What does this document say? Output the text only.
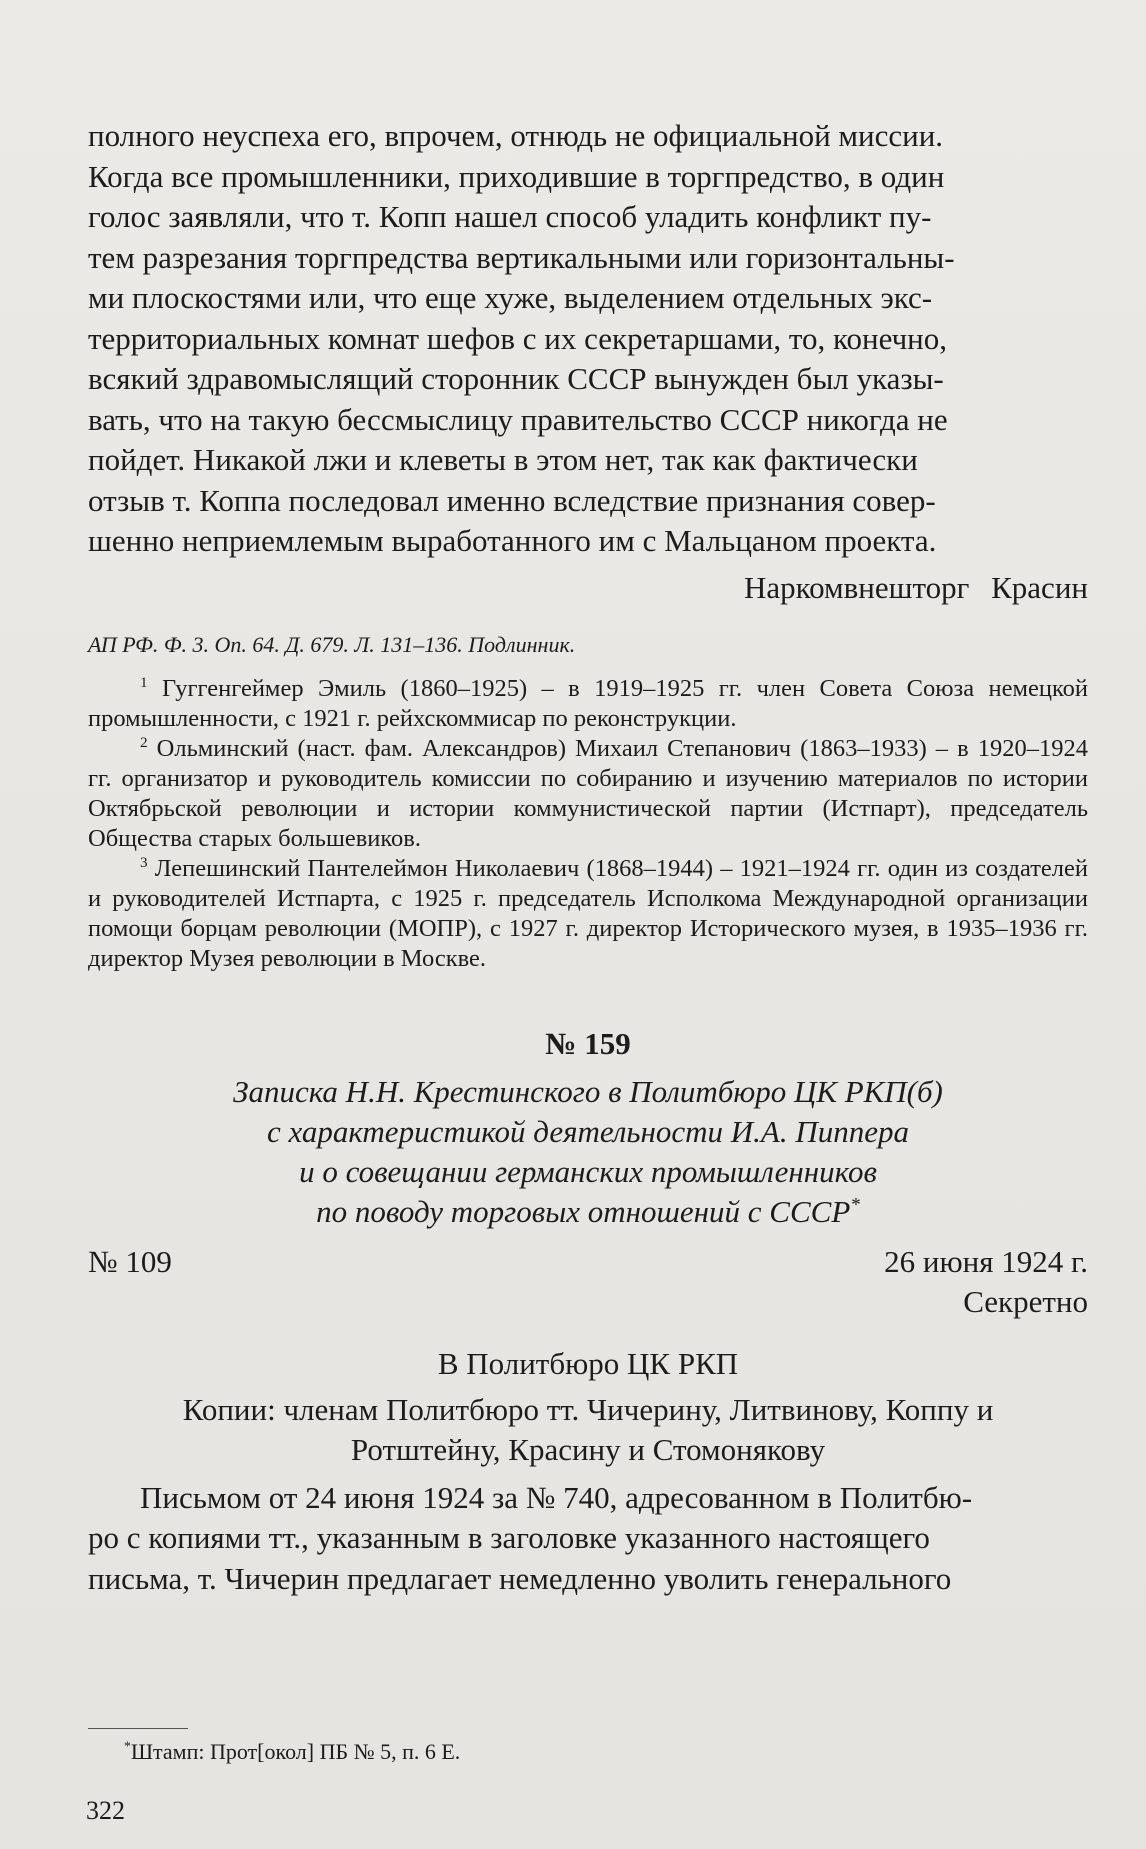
полного неуспеха его, впрочем, отнюдь не официальной миссии.

Когда все промышленники, приходившие в торгпредство, в один

голос заявляли, что т. Копп нашел способ уладить конфликт пу-

тем разрезания торгпредства вертикальными или горизонтальны-

ми плоскостями или, что еще хуже, выделением отдельных экс-

территориальных комнат шефов с их секретаршами, то, конечно,

всякий здравомыслящий сторонник СССР вынужден был указы-

вать, что на такую бессмыслицу правительство СССР никогда не

пойдет. Никакой лжи и клеветы в этом нет, так как фактически

отзыв т. Коппа последовал именно вследствие признания совер-

шенно неприемлемым выработанного им с Мальцаном проекта.

Наркомвнешторг Красин

АП РФ. Ф. 3. Оп. 64. Д. 679. Л. 131–136. Подлинник.

$^1$ Гуггенгеймер Эмиль (1860–1925) – в 1919–1925 гг. член Совета Союза немецкой промышленности, с 1921 г. рейхскоммисар по реконструкции.

$^2$ Ольминский (наст. фам. Александров) Михаил Степанович (1863–1933) – в 1920–1924 гг. организатор и руководитель комиссии по собиранию и изучению материалов по истории Октябрьской революции и истории коммунистической партии (Истпарт), председатель Общества старых большевиков.

$^3$ Лепешинский Пантелеймон Николаевич (1868–1944) – 1921–1924 гг. один из создателей и руководителей Истпарта, с 1925 г. председатель Исполкома Международной организации помощи борцам революции (МОПР), с 1927 г. директор Исторического музея, в 1935–1936 гг. директор Музея революции в Москве.

№ 159

Записка Н.Н. Крестинского в Политбюро ЦК РКП(б)

с характеристикой деятельности И.А. Пиппера

и о совещании германских промышленников

по поводу торговых отношений с СССР*

№ 109	26 июня 1924 г.

Секретно

В Политбюро ЦК РКП

Копии: членам Политбюро тт. Чичерину, Литвинову, Коппу и

Ротштейну, Красину и Стомонякову

Письмом от 24 июня 1924 за № 740, адресованном в Политбю-

ро с копиями тт., указанным в заголовке указанного настоящего

письма, т. Чичерин предлагает немедленно уволить генерального

*Штамп: Прот[окол] ПБ № 5, п. 6 Е.

322
